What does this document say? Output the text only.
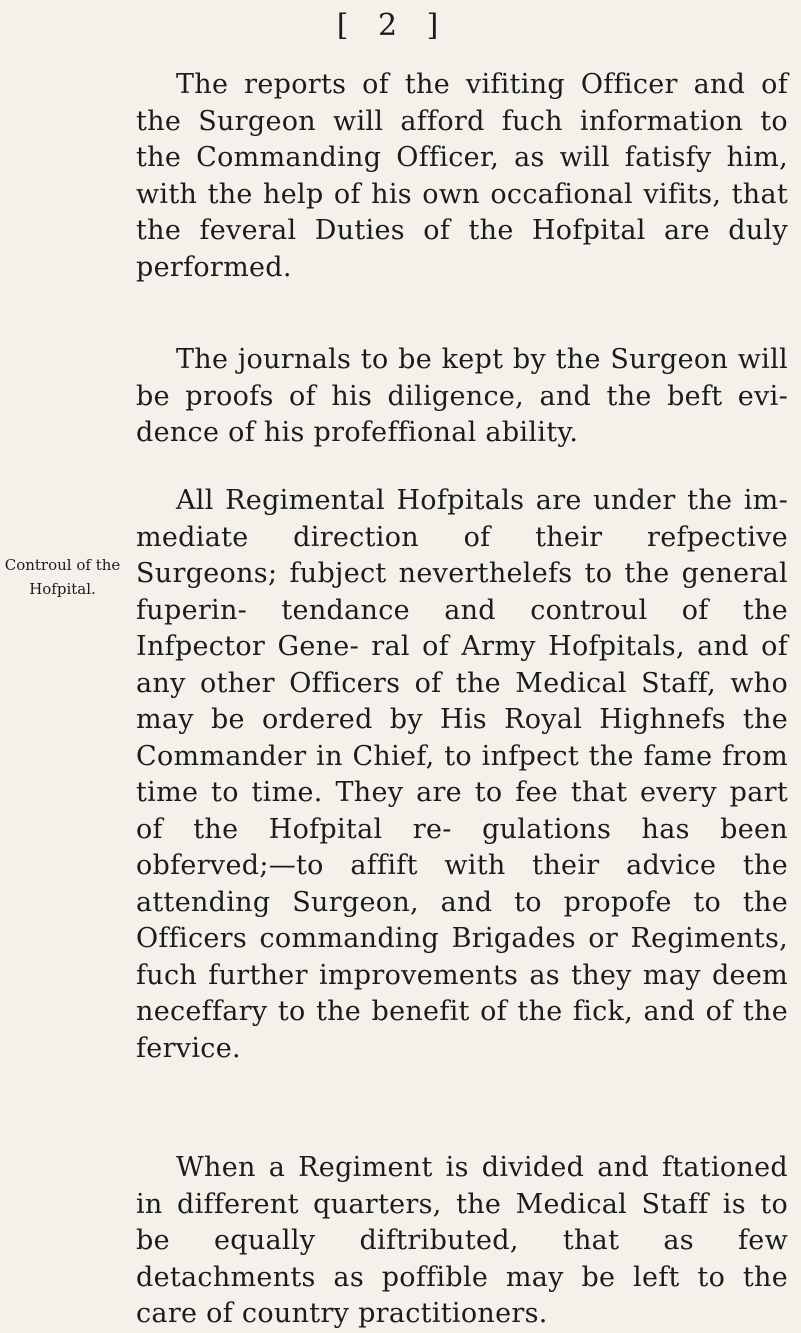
[ 2 ]
Controul of the
Hofpital.

The reports of the vifiting Officer and of the Surgeon will afford fuch information to the Commanding Officer, as will fatisfy him, with the help of his own occafional vifits, that the feveral Duties of the Hofpital are duly performed.

The journals to be kept by the Surgeon will be proofs of his diligence, and the beft evi- dence of his profeffional ability.

All Regimental Hofpitals are under the im- mediate direction of their refpective Surgeons; fubject neverthelefs to the general fuperin- tendance and controul of the Infpector Gene- ral of Army Hofpitals, and of any other Officers of the Medical Staff, who may be ordered by His Royal Highnefs the Commander in Chief, to infpect the fame from time to time. They are to fee that every part of the Hofpital re- gulations has been obferved;—to affift with their advice the attending Surgeon, and to propofe to the Officers commanding Brigades or Regiments, fuch further improvements as they may deem neceffary to the benefit of the fick, and of the fervice.

When a Regiment is divided and ftationed in different quarters, the Medical Staff is to be equally diftributed, that as few detachments as poffible may be left to the care of country practitioners.
